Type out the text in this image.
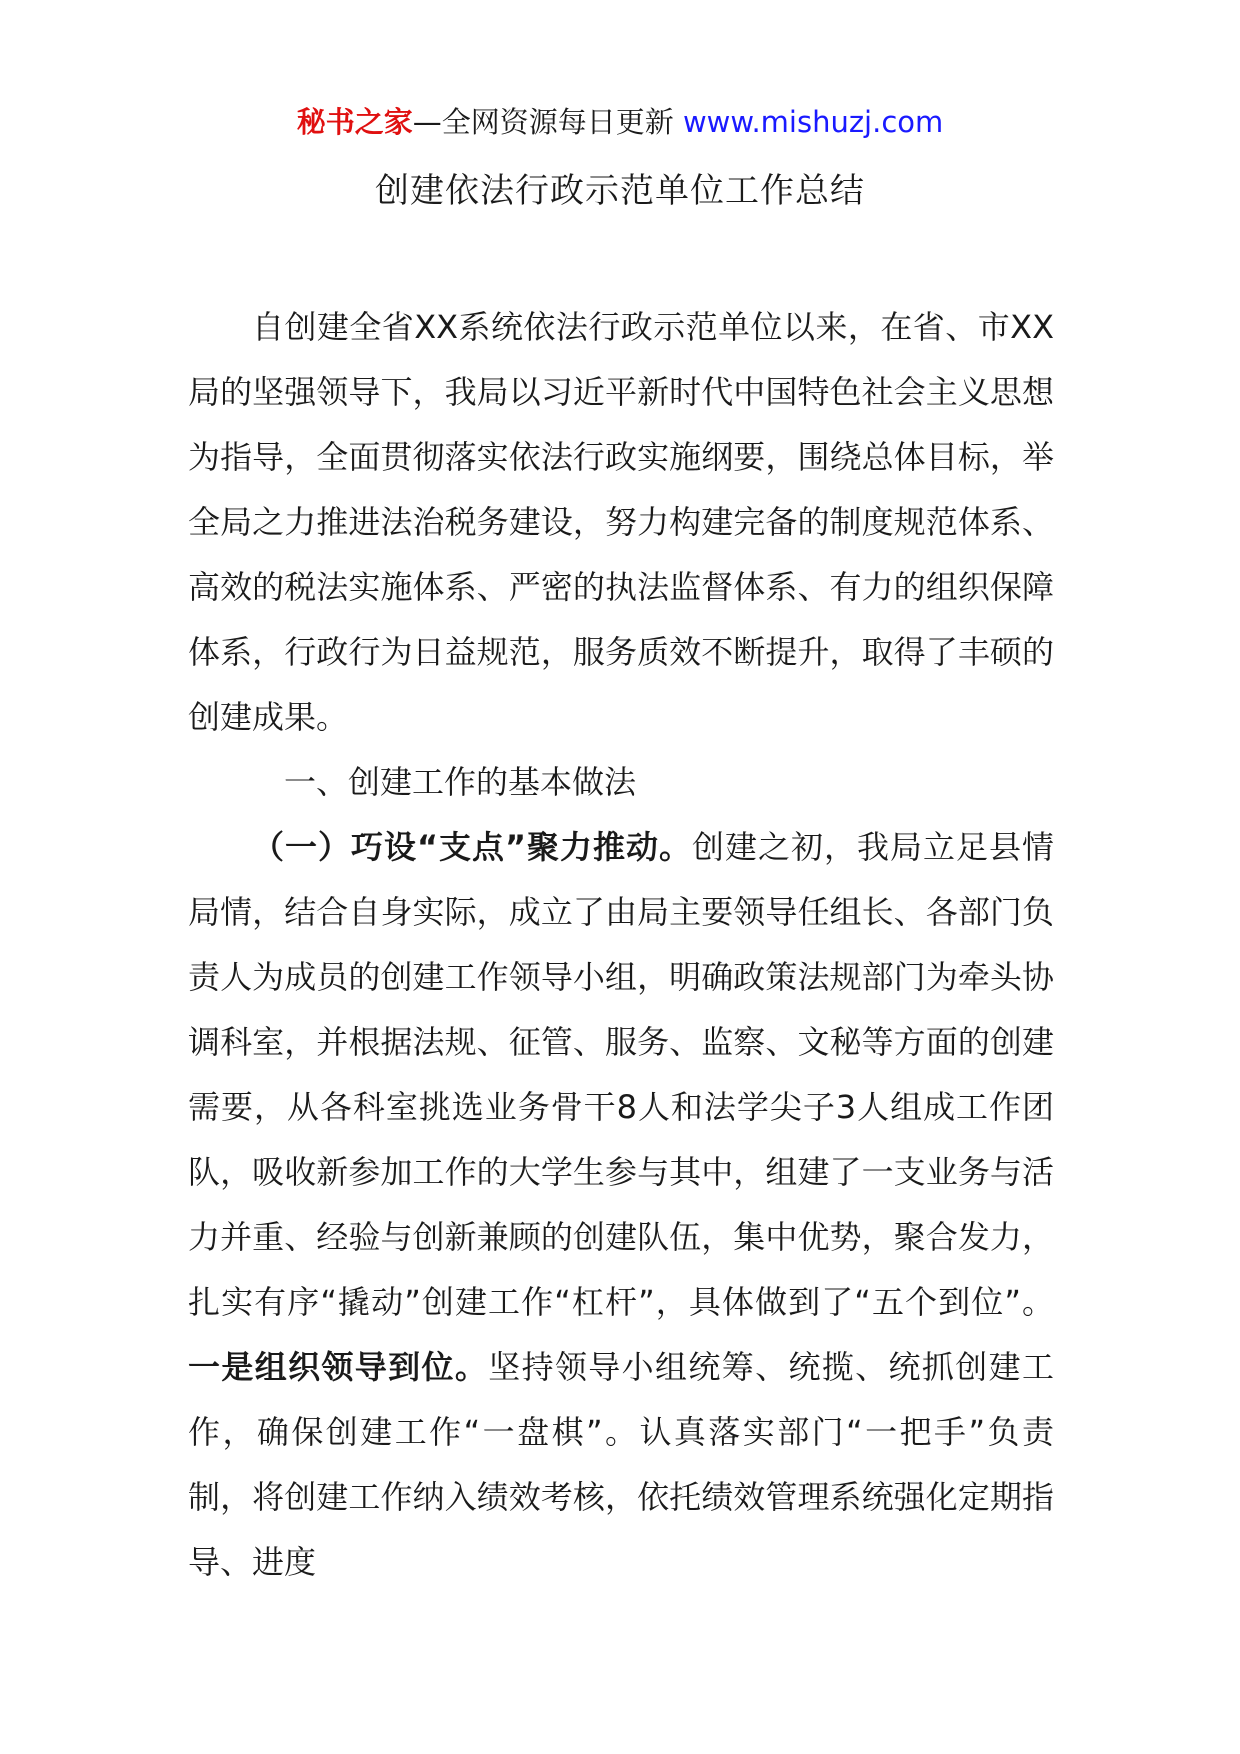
秘书之家—全网资源每日更新 www.mishuzj.com
创建依法行政示范单位工作总结

自创建全省XX系统依法行政示范单位以来，在省、市XX局的坚强领导下，我局以习近平新时代中国特色社会主义思想为指导，全面贯彻落实依法行政实施纲要，围绕总体目标，举全局之力推进法治税务建设，努力构建完备的制度规范体系、高效的税法实施体系、严密的执法监督体系、有力的组织保障体系，行政行为日益规范，服务质效不断提升，取得了丰硕的创建成果。

一、创建工作的基本做法

（一）巧设“支点”聚力推动。创建之初，我局立足县情局情，结合自身实际，成立了由局主要领导任组长、各部门负责人为成员的创建工作领导小组，明确政策法规部门为牵头协调科室，并根据法规、征管、服务、监察、文秘等方面的创建需要，从各科室挑选业务骨干8人和法学尖子3人组成工作团队，吸收新参加工作的大学生参与其中，组建了一支业务与活力并重、经验与创新兼顾的创建队伍，集中优势，聚合发力，扎实有序“撬动”创建工作“杠杆”，具体做到了“五个到位”。一是组织领导到位。坚持领导小组统筹、统揽、统抓创建工作，确保创建工作“一盘棋”。认真落实部门“一把手”负责制，将创建工作纳入绩效考核，依托绩效管理系统强化定期指导、进度
